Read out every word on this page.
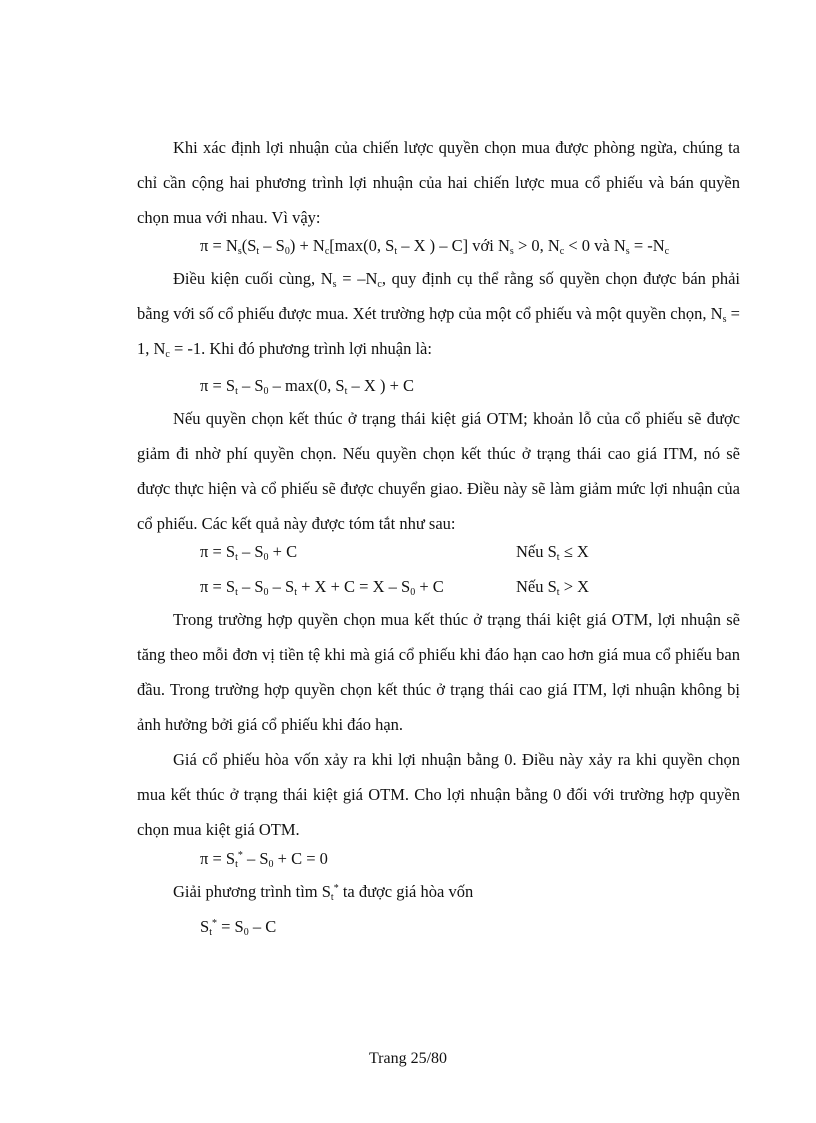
Khi xác định lợi nhuận của chiến lược quyền chọn mua được phòng ngừa, chúng ta chỉ cần cộng hai phương trình lợi nhuận của hai chiến lược mua cổ phiếu và bán quyền chọn mua với nhau. Vì vậy:

$\pi = N_s(S_t - S_0) + N_c[\max(0$, $S_t$ – X ) – C] với $N_s > 0$, $N_c < 0$ và $N_s = -N_c$

Điều kiện cuối cùng, $N_s = -N_c$, quy định cụ thể rằng số quyền chọn được bán phải bằng với số cổ phiếu được mua. Xét trường hợp của một cổ phiếu và một quyền chọn, $N_s = 1$, $N_c = -1$. Khi đó phương trình lợi nhuận là:

$\pi = S_t - S_0 - \max(0$, $S_t$ – X ) + C

Nếu quyền chọn kết thúc ở trạng thái kiệt giá OTM; khoản lỗ của cổ phiếu sẽ được giảm đi nhờ phí quyền chọn. Nếu quyền chọn kết thúc ở trạng thái cao giá ITM, nó sẽ được thực hiện và cổ phiếu sẽ được chuyển giao. Điều này sẽ làm giảm mức lợi nhuận của cổ phiếu. Các kết quả này được tóm tắt như sau:

$\pi = S_t - S_0 + C$	Nếu $S_t \le X$
$\pi = S_t - S_0 - S_t + X + C = X - S_0 + C$	Nếu $S_t > X$

Trong trường hợp quyền chọn mua kết thúc ở trạng thái kiệt giá OTM, lợi nhuận sẽ tăng theo mỗi đơn vị tiền tệ khi mà giá cổ phiếu khi đáo hạn cao hơn giá mua cổ phiếu ban đầu. Trong trường hợp quyền chọn kết thúc ở trạng thái cao giá ITM, lợi nhuận không bị ảnh hưởng bởi giá cổ phiếu khi đáo hạn.

Giá cổ phiếu hòa vốn xảy ra khi lợi nhuận bằng 0. Điều này xảy ra khi quyền chọn mua kết thúc ở trạng thái kiệt giá OTM. Cho lợi nhuận bằng 0 đối với trường hợp quyền chọn mua kiệt giá OTM.

$\pi = S_t^* - S_0 + C = 0$

Giải phương trình tìm $S_t^*$ ta được giá hòa vốn

$S_t^* = S_0 - C$
Trang 25/80
